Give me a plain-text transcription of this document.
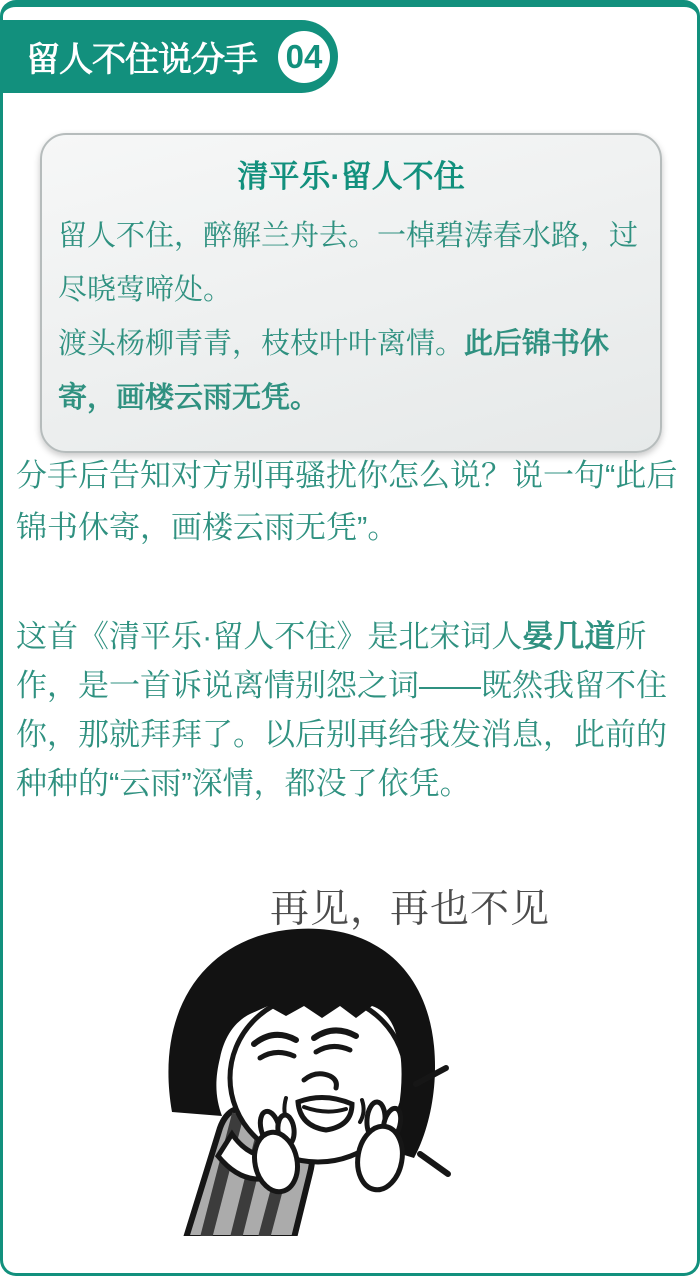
留人不住说分手 04
清平乐·留人不住

留人不住，醉解兰舟去。一棹碧涛春水路，过尽晓莺啼处。

渡头杨柳青青，枝枝叶叶离情。此后锦书休寄，画楼云雨无凭。

分手后告知对方别再骚扰你怎么说？说一句“此后锦书休寄，画楼云雨无凭”。

这首《清平乐·留人不住》是北宋词人晏几道所作，是一首诉说离情别怨之词——既然我留不住你，那就拜拜了。以后别再给我发消息，此前的种种的“云雨”深情，都没了依凭。

再见，再也不见
